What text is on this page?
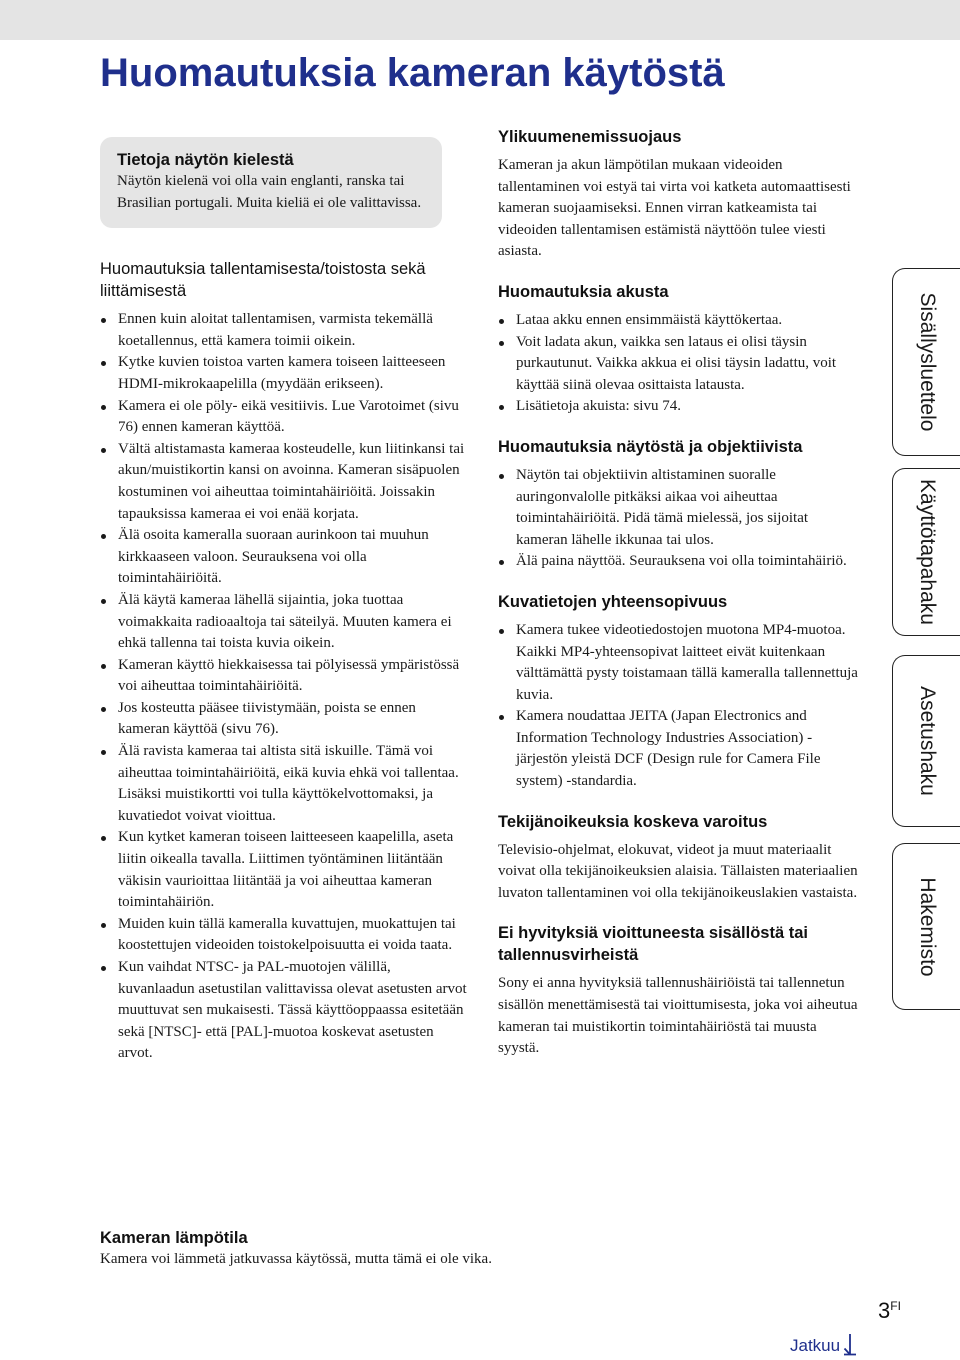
Huomautuksia kameran käytöstä
Tietoja näytön kielestä

Näytön kielenä voi olla vain englanti, ranska tai Brasilian portugali. Muita kieliä ei ole valittavissa.

Huomautuksia tallentamisesta/toistosta sekä liittämisestä
Ennen kuin aloitat tallentamisen, varmista tekemällä koetallennus, että kamera toimii oikein.
Kytke kuvien toistoa varten kamera toiseen laitteeseen HDMI-mikrokaapelilla (myydään erikseen).
Kamera ei ole pöly- eikä vesitiivis. Lue Varotoimet (sivu 76) ennen kameran käyttöä.
Vältä altistamasta kameraa kosteudelle, kun liitinkansi tai akun/muistikortin kansi on avoinna. Kameran sisäpuolen kostuminen voi aiheuttaa toimintahäiriöitä. Joissakin tapauksissa kameraa ei voi enää korjata.
Älä osoita kameralla suoraan aurinkoon tai muuhun kirkkaaseen valoon. Seurauksena voi olla toimintahäiriöitä.
Älä käytä kameraa lähellä sijaintia, joka tuottaa voimakkaita radioaaltoja tai säteilyä. Muuten kamera ei ehkä tallenna tai toista kuvia oikein.
Kameran käyttö hiekkaisessa tai pölyisessä ympäristössä voi aiheuttaa toimintahäiriöitä.
Jos kosteutta pääsee tiivistymään, poista se ennen kameran käyttöä (sivu 76).
Älä ravista kameraa tai altista sitä iskuille. Tämä voi aiheuttaa toimintahäiriöitä, eikä kuvia ehkä voi tallentaa. Lisäksi muistikortti voi tulla käyttökelvottomaksi, ja kuvatiedot voivat vioittua.
Kun kytket kameran toiseen laitteeseen kaapelilla, aseta liitin oikealla tavalla. Liittimen työntäminen liitäntään väkisin vaurioittaa liitäntää ja voi aiheuttaa kameran toimintahäiriön.
Muiden kuin tällä kameralla kuvattujen, muokattujen tai koostettujen videoiden toistokelpoisuutta ei voida taata.
Kun vaihdat NTSC- ja PAL-muotojen välillä, kuvanlaadun asetustilan valittavissa olevat asetusten arvot muuttuvat sen mukaisesti. Tässä käyttöoppaassa esitetään sekä [NTSC]- että [PAL]-muotoa koskevat asetusten arvot.
Kameran lämpötila

Kamera voi lämmetä jatkuvassa käytössä, mutta tämä ei ole vika.

Ylikuumenemissuojaus

Kameran ja akun lämpötilan mukaan videoiden tallentaminen voi estyä tai virta voi katketa automaattisesti kameran suojaamiseksi. Ennen virran katkeamista tai videoiden tallentamisen estämistä näyttöön tulee viesti asiasta.

Huomautuksia akusta
Lataa akku ennen ensimmäistä käyttökertaa.
Voit ladata akun, vaikka sen lataus ei olisi täysin purkautunut. Vaikka akkua ei olisi täysin ladattu, voit käyttää siinä olevaa osittaista latausta.
Lisätietoja akuista: sivu 74.
Huomautuksia näytöstä ja objektiivista
Näytön tai objektiivin altistaminen suoralle auringonvalolle pitkäksi aikaa voi aiheuttaa toimintahäiriöitä. Pidä tämä mielessä, jos sijoitat kameran lähelle ikkunaa tai ulos.
Älä paina näyttöä. Seurauksena voi olla toimintahäiriö.
Kuvatietojen yhteensopivuus
Kamera tukee videotiedostojen muotona MP4-muotoa. Kaikki MP4-yhteensopivat laitteet eivät kuitenkaan välttämättä pysty toistamaan tällä kameralla tallennettuja kuvia.
Kamera noudattaa JEITA (Japan Electronics and Information Technology Industries Association) -järjestön yleistä DCF (Design rule for Camera File system) -standardia.
Tekijänoikeuksia koskeva varoitus

Televisio-ohjelmat, elokuvat, videot ja muut materiaalit voivat olla tekijänoikeuksien alaisia. Tällaisten materiaalien luvaton tallentaminen voi olla tekijänoikeuslakien vastaista.

Ei hyvityksiä vioittuneesta sisällöstä tai tallennusvirheistä

Sony ei anna hyvityksiä tallennushäiriöistä tai tallennetun sisällön menettämisestä tai vioittumisesta, joka voi aiheutua kameran tai muistikortin toimintahäiriöstä tai muusta syystä.

Sisällysluettelo
Käyttötapahaku
Asetushaku
Hakemisto
$3^{FI}$
Jatkuu
